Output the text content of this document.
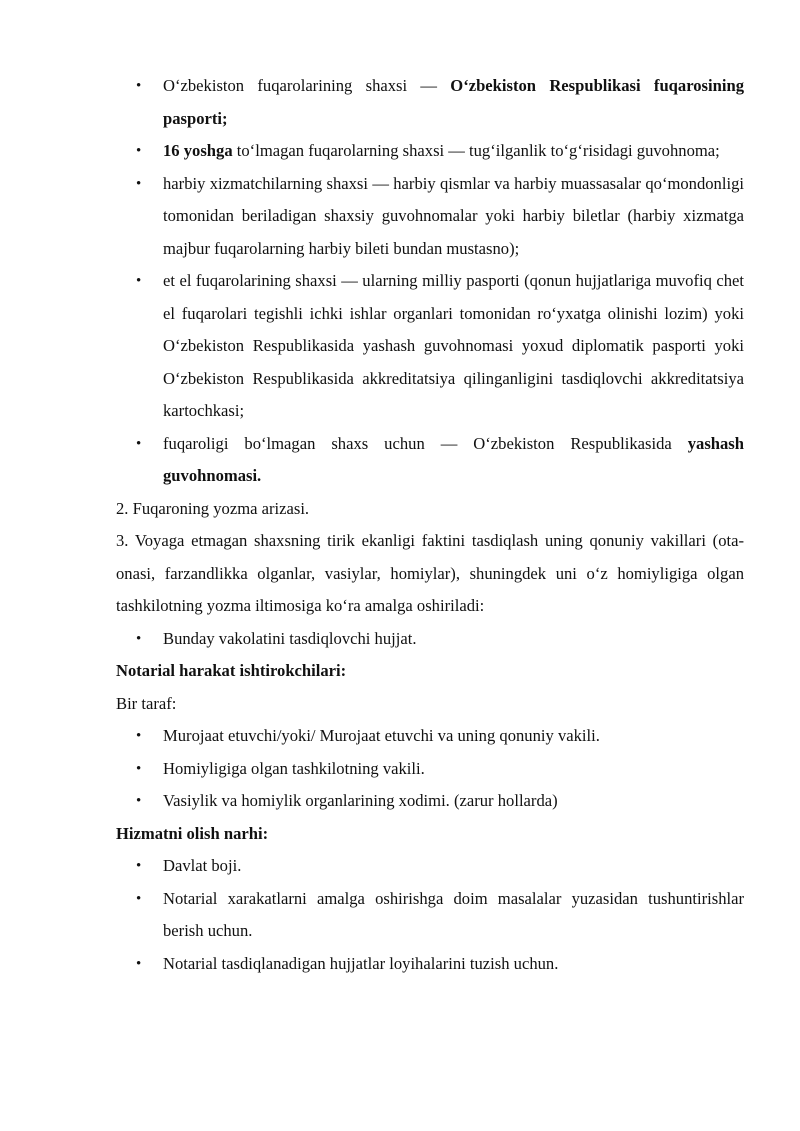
• O‘zbekiston fuqarolarining shaxsi — O‘zbekiston Respublikasi fuqarosining pasporti;
• 16 yoshga to‘lmagan fuqarolarning shaxsi — tug‘ilganlik to‘g‘risidagi guvohnoma;
• harbiy xizmatchilarning shaxsi — harbiy qismlar va harbiy muassasalar qo‘mondonligi tomonidan beriladigan shaxsiy guvohnomalar yoki harbiy biletlar (harbiy xizmatga majbur fuqarolarning harbiy bileti bundan mustasno);
• et el fuqarolarining shaxsi — ularning milliy pasporti (qonun hujjatlariga muvofiq chet el fuqarolari tegishli ichki ishlar organlari tomonidan ro‘yxatga olinishi lozim) yoki O‘zbekiston Respublikasida yashash guvohnomasi yoxud diplomatik pasporti yoki O‘zbekiston Respublikasida akkreditatsiya qilinganligini tasdiqlovchi akkreditatsiya kartochkasi;
• fuqaroligi bo‘lmagan shaxs uchun — O‘zbekiston Respublikasida yashash guvohnomasi.

2. Fuqaroning yozma arizasi.

3. Voyaga etmagan shaxsning tirik ekanligi faktini tasdiqlash uning qonuniy vakillari (ota-onasi, farzandlikka olganlar, vasiylar, homiylar), shuningdek uni o‘z homiyligiga olgan tashkilotning yozma iltimosiga ko‘ra amalga oshiriladi:

• Bunday vakolatini tasdiqlovchi hujjat.

Notarial harakat ishtirokchilari:

Bir taraf:

• Murojaat etuvchi/yoki/ Murojaat etuvchi va uning qonuniy vakili.
• Homiyligiga olgan tashkilotning vakili.
• Vasiylik va homiylik organlarining xodimi. (zarur hollarda)

Hizmatni olish narhi:

• Davlat boji.
• Notarial xarakatlarni amalga oshirishga doim masalalar yuzasidan tushuntirishlar berish uchun.
• Notarial tasdiqlanadigan hujjatlar loyihalarini tuzish uchun.
